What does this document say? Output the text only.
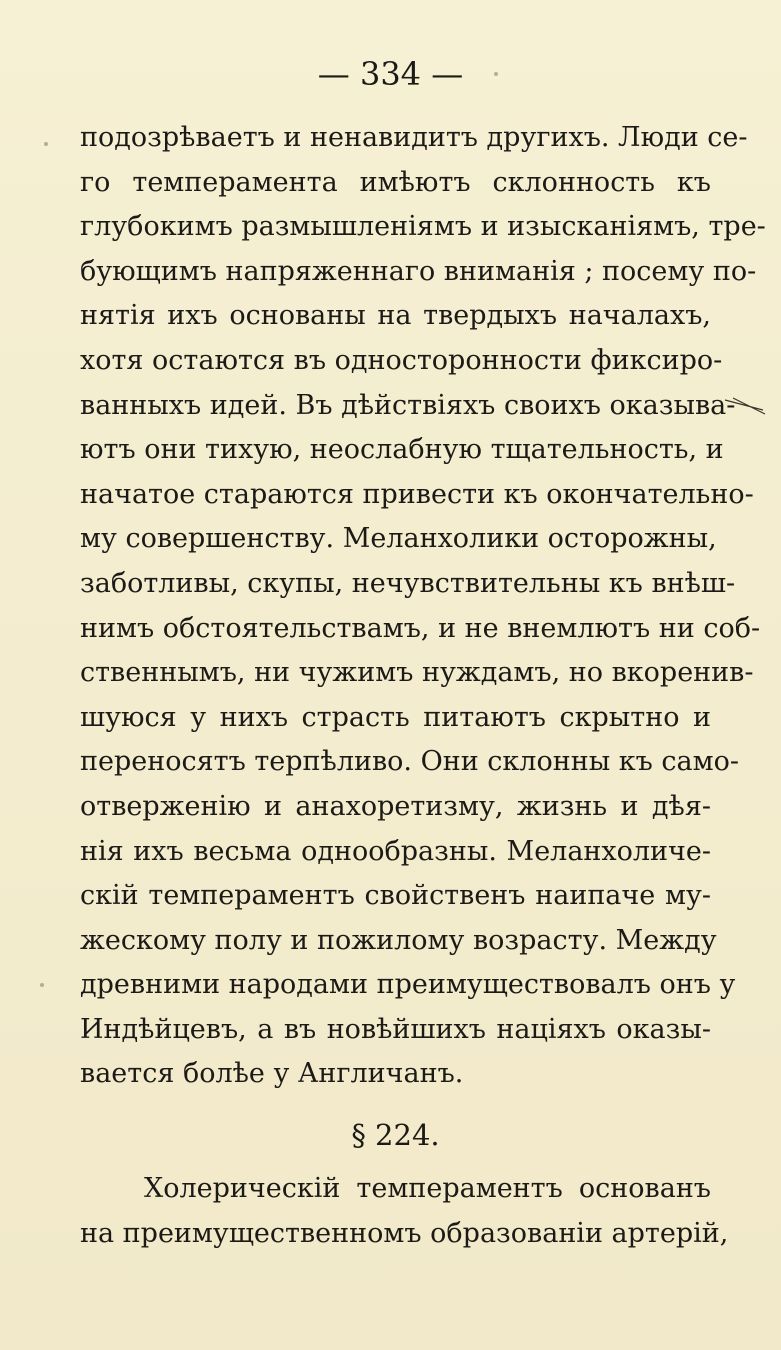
— 334 —
подозрѣваетъ и ненавидитъ другихъ. Люди се-
го темперамента имѣютъ склонность къ
глубокимъ размышленіямъ и изысканіямъ, тре-
бующимъ напряженнаго вниманія ; посему по-
нятія ихъ основаны на твердыхъ началахъ,
хотя остаются въ односторонности фиксиро-
ванныхъ идей. Въ дѣйствіяхъ своихъ оказыва-
ютъ они тихую, неослабную тщательность, и
начатое стараются привести къ окончательно-
му совершенству. Меланхолики осторожны,
заботливы, скупы, нечувствительны къ внѣш-
нимъ обстоятельствамъ, и не внемлютъ ни соб-
ственнымъ, ни чужимъ нуждамъ, но вкоренив-
шуюся у нихъ страсть питаютъ скрытно и
переносятъ терпѣливо. Они склонны къ само-
отверженію и анахоретизму, жизнь и дѣя-
нія ихъ весьма однообразны. Меланхоличе-
скій темпераментъ свойственъ наипаче му-
жескому полу и пожилому возрасту. Между
древними народами преимуществовалъ онъ у
Индѣйцевъ, а въ новѣйшихъ націяхъ оказы-
вается болѣе у Англичанъ.
§ 224.
Холерическій темпераментъ основанъ
на преимущественномъ образованіи артерій,
